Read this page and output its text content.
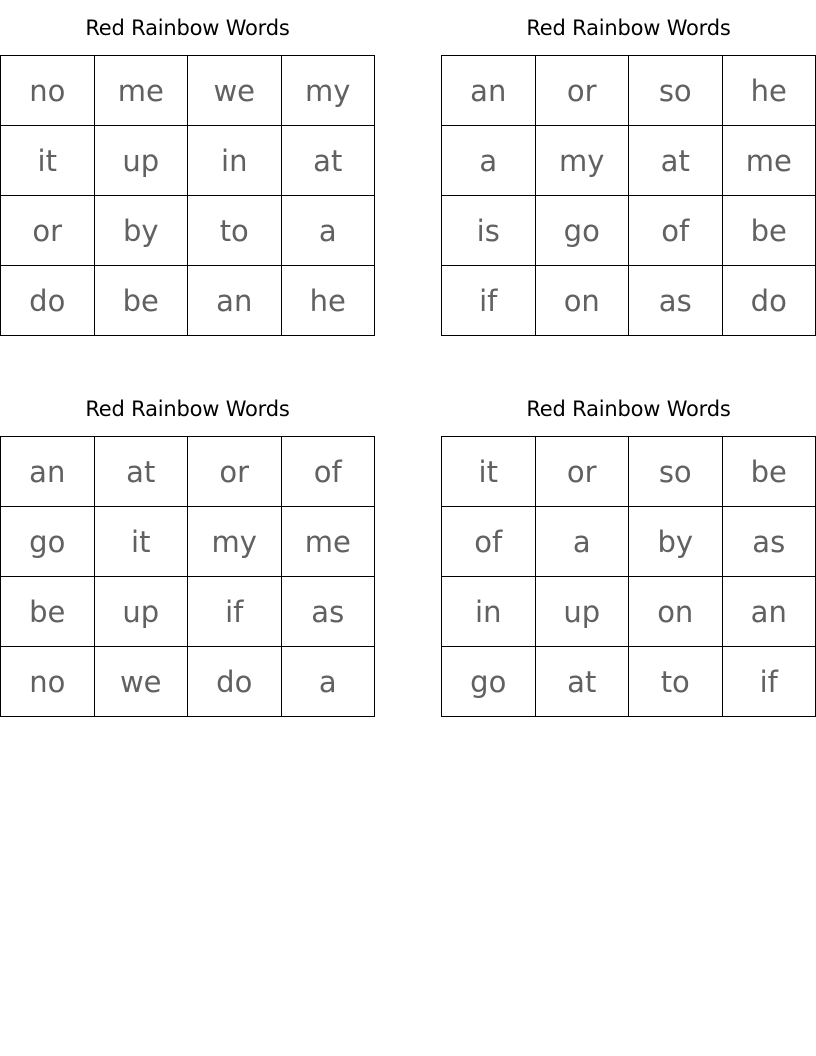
Red Rainbow Words
no	me	we	my
it	up	in	at
or	by	to	a
do	be	an	he
Red Rainbow Words
an	or	so	he
a	my	at	me
is	go	of	be
if	on	as	do
Red Rainbow Words
an	at	or	of
go	it	my	me
be	up	if	as
no	we	do	a
Red Rainbow Words
it	or	so	be
of	a	by	as
in	up	on	an
go	at	to	if
